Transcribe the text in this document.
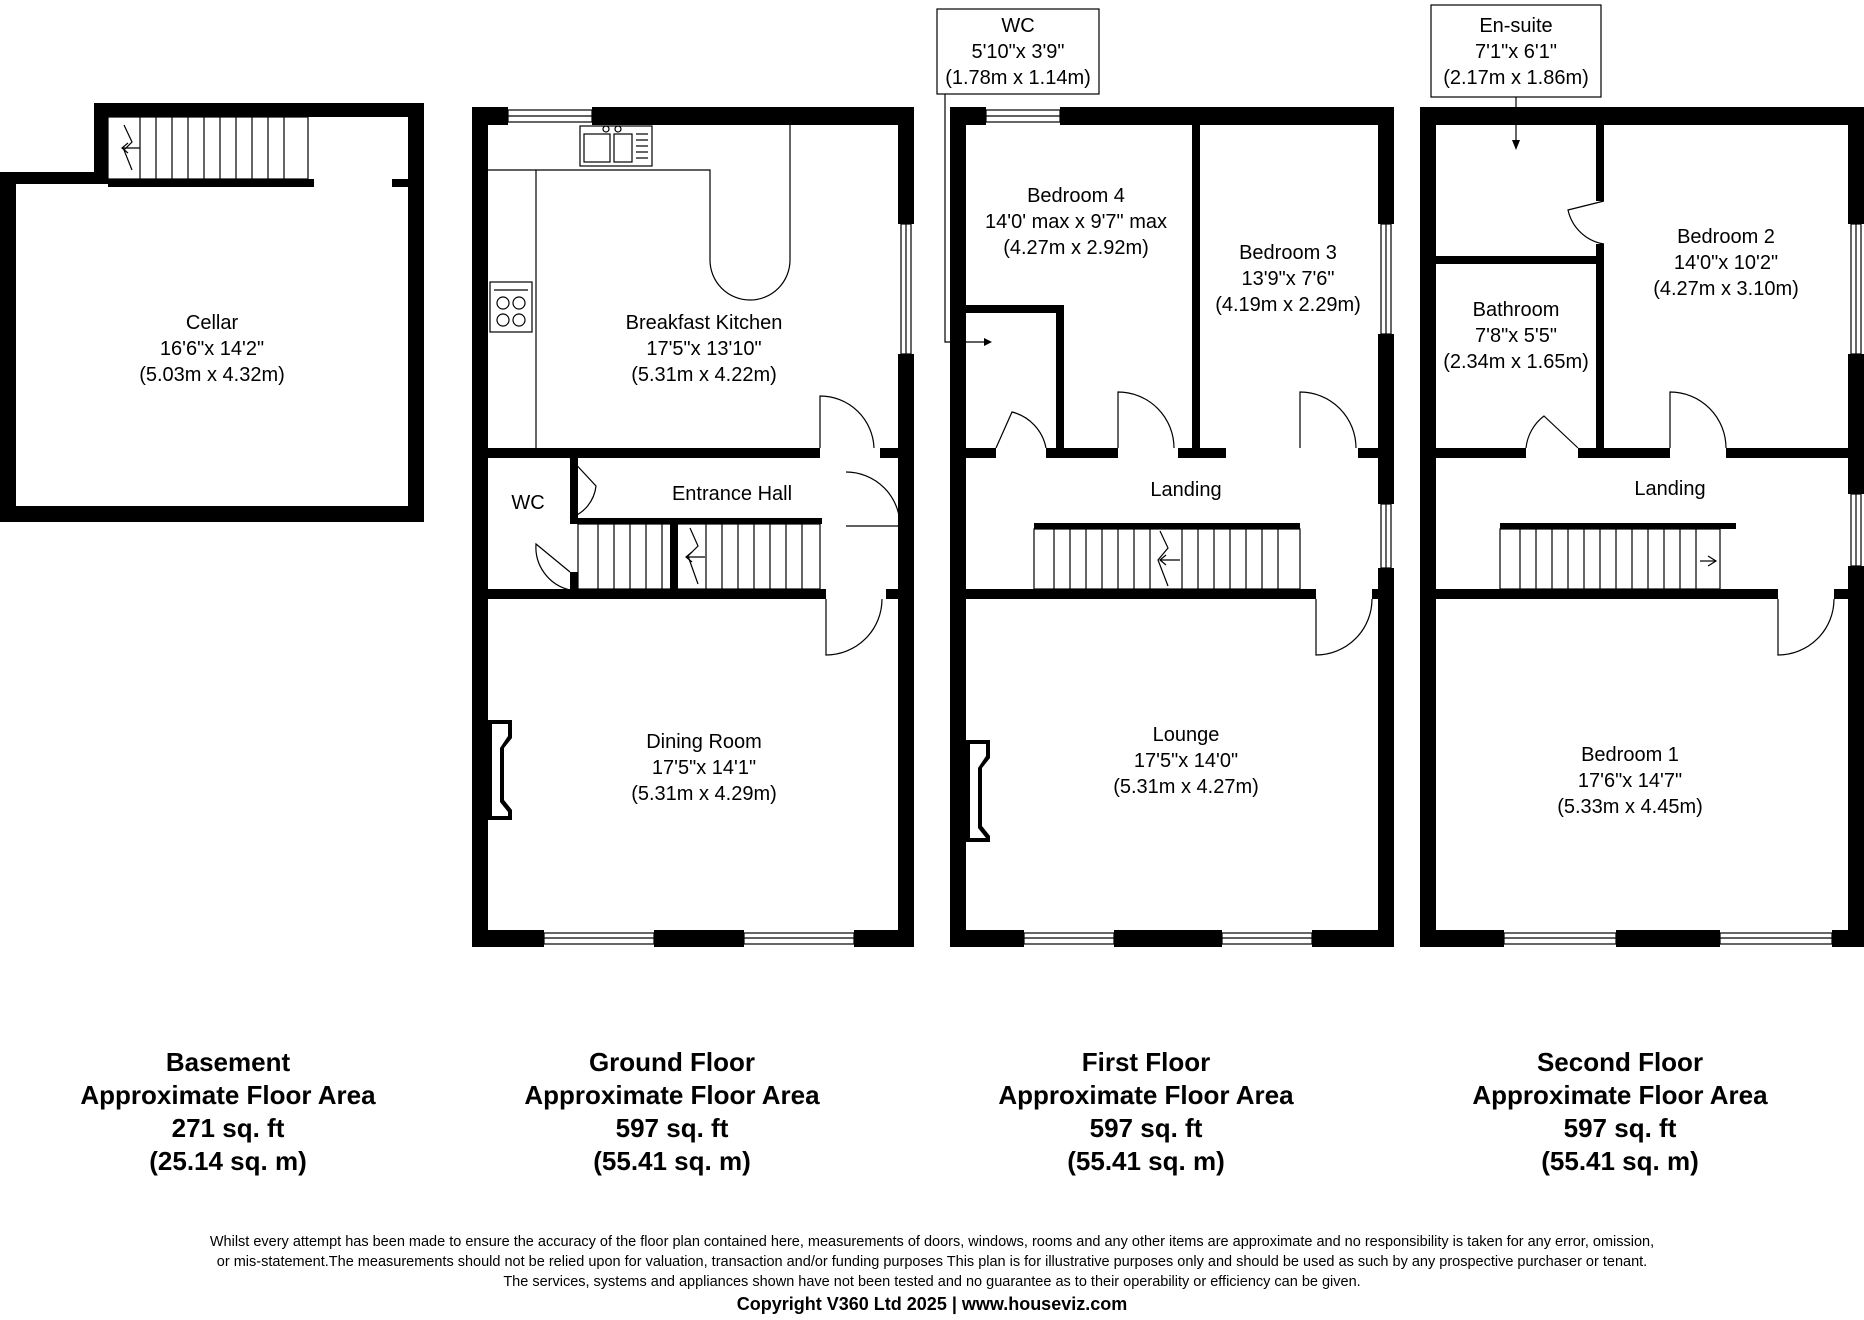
Cellar
16'6"x 14'2"
(5.03m x 4.32m)
Breakfast Kitchen
17'5"x 13'10"
(5.31m x 4.22m)
WC	Entrance Hall
Dining Room
17'5"x 14'1"
(5.31m x 4.29m)
WC
5'10"x 3'9"
(1.78m x 1.14m)
Bedroom 4
14'0' max x 9'7" max
(4.27m x 2.92m)	Bedroom 3
13'9"x 7'6"
(4.19m x 2.29m)
Landing
Lounge
17'5"x 14'0"
(5.31m x 4.27m)
En-suite
7'1"x 6'1"
(2.17m x 1.86m)
Bedroom 2
14'0"x 10'2"
(4.27m x 3.10m)
Bathroom
7'8"x 5'5"
(2.34m x 1.65m)
Landing
Bedroom 1
17'6"x 14'7"
(5.33m x 4.45m)
Basement
Approximate Floor Area
271 sq. ft
(25.14 sq. m)
Ground Floor
Approximate Floor Area
597 sq. ft
(55.41 sq. m)
First Floor
Approximate Floor Area
597 sq. ft
(55.41 sq. m)
Second Floor
Approximate Floor Area
597 sq. ft
(55.41 sq. m)
Whilst every attempt has been made to ensure the accuracy of the floor plan contained here, measurements of doors, windows, rooms and any other items are approximate and no responsibility is taken for any error, omission,
or mis-statement.The measurements should not be relied upon for valuation, transaction and/or funding purposes This plan is for illustrative purposes only and should be used as such by any prospective purchaser or tenant.
The services, systems and appliances shown have not been tested and no guarantee as to their operability or efficiency can be given.
Copyright V360 Ltd 2025 | www.houseviz.com
